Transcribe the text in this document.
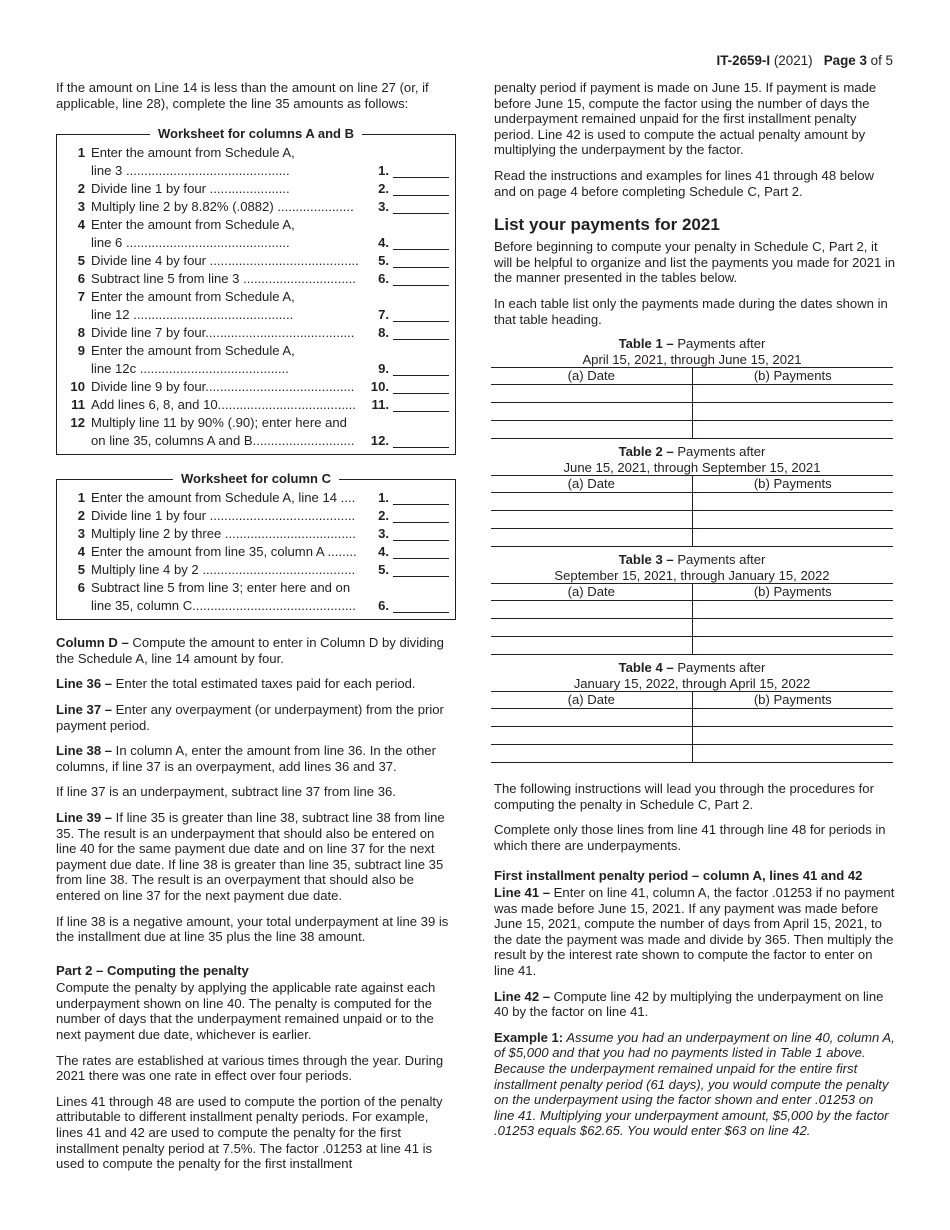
IT-2659-I (2021) Page 3 of 5

If the amount on Line 14 is less than the amount on line 27 (or, if applicable, line 28), complete the line 35 amounts as follows:

Worksheet for columns A and B
1 Enter the amount from Schedule A,
line 3 .............................................	1.
2 Divide line 1 by four ......................	2.
3 Multiply line 2 by 8.82% (.0882) .....................	3.
4 Enter the amount from Schedule A,
line 6 .............................................	4.
5 Divide line 4 by four .........................................	5.
6 Subtract line 5 from line 3 ...............................	6.
7 Enter the amount from Schedule A,
line 12 ............................................	7.
8 Divide line 7 by four.........................................	8.
9 Enter the amount from Schedule A,
line 12c .........................................	9.
10 Divide line 9 by four.........................................	10.
11 Add lines 6, 8, and 10......................................	11.
12 Multiply line 11 by 90% (.90); enter here and
on line 35, columns A and B............................	12.
Worksheet for column C
1 Enter the amount from Schedule A, line 14 ....	1.
2 Divide line 1 by four ........................................	2.
3 Multiply line 2 by three ....................................	3.
4 Enter the amount from line 35, column A ........	4.
5 Multiply line 4 by 2 ..........................................	5.
6 Subtract line 5 from line 3; enter here and on
line 35, column C.............................................	6.

Column D – Compute the amount to enter in Column D by dividing the Schedule A, line 14 amount by four.

Line 36 – Enter the total estimated taxes paid for each period.

Line 37 – Enter any overpayment (or underpayment) from the prior payment period.

Line 38 – In column A, enter the amount from line 36. In the other columns, if line 37 is an overpayment, add lines 36 and 37.

If line 37 is an underpayment, subtract line 37 from line 36.

Line 39 – If line 35 is greater than line 38, subtract line 38 from line 35. The result is an underpayment that should also be entered on line 40 for the same payment due date and on line 37 for the next payment due date. If line 38 is greater than line 35, subtract line 35 from line 38. The result is an overpayment that should also be entered on line 37 for the next payment due date.

If line 38 is a negative amount, your total underpayment at line 39 is the installment due at line 35 plus the line 38 amount.

Part 2 – Computing the penalty

Compute the penalty by applying the applicable rate against each underpayment shown on line 40. The penalty is computed for the number of days that the underpayment remained unpaid or to the next payment due date, whichever is earlier.

The rates are established at various times through the year. During 2021 there was one rate in effect over four periods.

Lines 41 through 48 are used to compute the portion of the penalty attributable to different installment penalty periods. For example, lines 41 and 42 are used to compute the penalty for the first installment penalty period at 7.5%. The factor .01253 at line 41 is used to compute the penalty for the first installment

penalty period if payment is made on June 15. If payment is made before June 15, compute the factor using the number of days the underpayment remained unpaid for the first installment penalty period. Line 42 is used to compute the actual penalty amount by multiplying the underpayment by the factor.

Read the instructions and examples for lines 41 through 48 below and on page 4 before completing Schedule C, Part 2.

List your payments for 2021

Before beginning to compute your penalty in Schedule C, Part 2, it will be helpful to organize and list the payments you made for 2021 in the manner presented in the tables below.

In each table list only the payments made during the dates shown in that table heading.

Table 1 – Payments after
April 15, 2021, through June 15, 2021
(a) Date	(b) Payments

Table 2 – Payments after
June 15, 2021, through September 15, 2021
(a) Date	(b) Payments

Table 3 – Payments after
September 15, 2021, through January 15, 2022
(a) Date	(b) Payments

Table 4 – Payments after
January 15, 2022, through April 15, 2022
(a) Date	(b) Payments

The following instructions will lead you through the procedures for computing the penalty in Schedule C, Part 2.

Complete only those lines from line 41 through line 48 for periods in which there are underpayments.

First installment penalty period – column A, lines 41 and 42

Line 41 – Enter on line 41, column A, the factor .01253 if no payment was made before June 15, 2021. If any payment was made before June 15, 2021, compute the number of days from April 15, 2021, to the date the payment was made and divide by 365. Then multiply the result by the interest rate shown to compute the factor to enter on line 41.

Line 42 – Compute line 42 by multiplying the underpayment on line 40 by the factor on line 41.

Example 1: Assume you had an underpayment on line 40, column A, of $5,000 and that you had no payments listed in Table 1 above. Because the underpayment remained unpaid for the entire first installment penalty period (61 days), you would compute the penalty on the underpayment using the factor shown and enter .01253 on line 41. Multiplying your underpayment amount, $5,000 by the factor .01253 equals $62.65. You would enter $63 on line 42.
